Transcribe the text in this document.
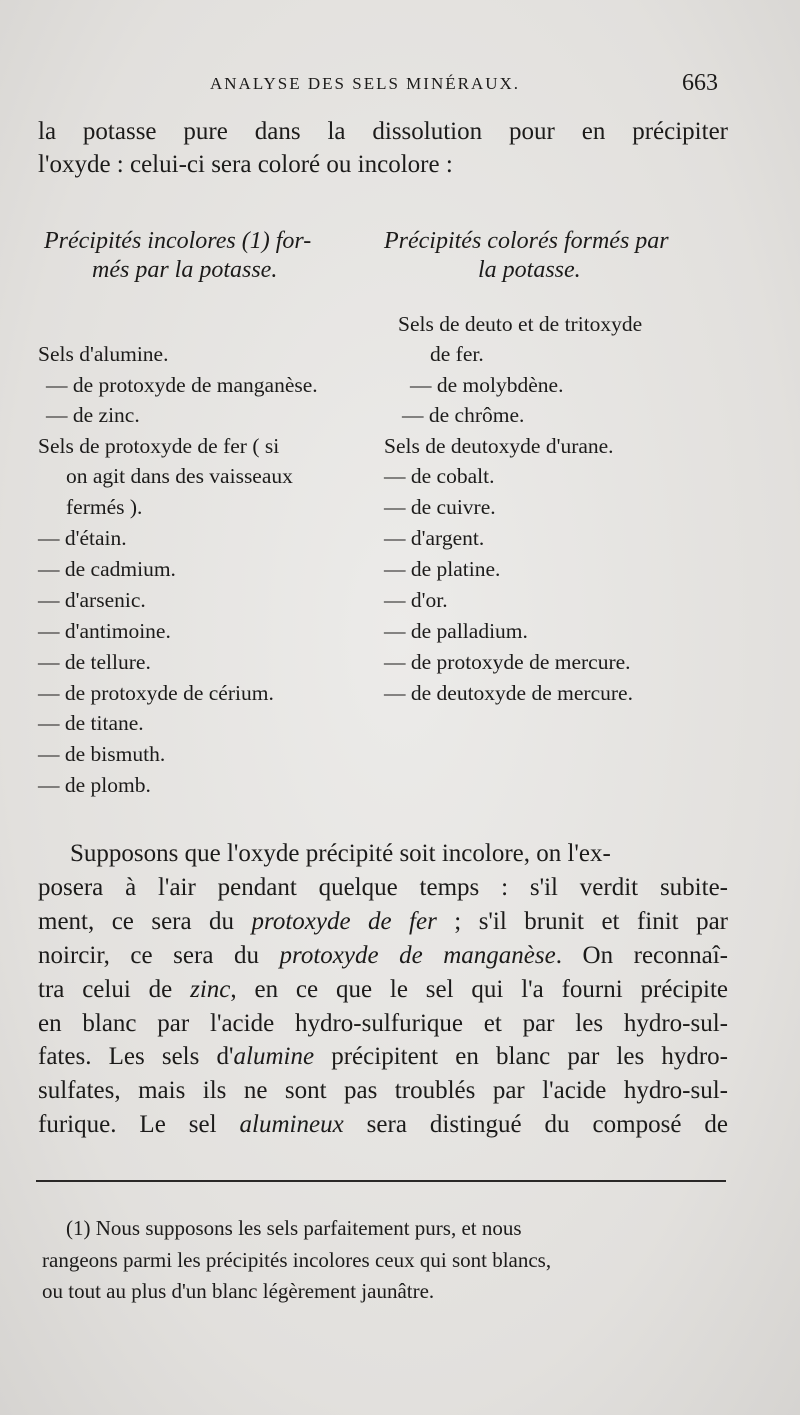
ANALYSE DES SELS MINÉRAUX.	663
la potasse pure dans la dissolution pour en précipiter
l'oxyde : celui-ci sera coloré ou incolore :
Précipités incolores (1) for-
més par la potasse.
Précipités colorés formés par
la potasse.
Sels d'alumine.
— de protoxyde de manganèse.
— de zinc.
Sels de protoxyde de fer ( si
on agit dans des vaisseaux
fermés ).
— d'étain.
— de cadmium.
— d'arsenic.
— d'antimoine.
— de tellure.
— de protoxyde de cérium.
— de titane.
— de bismuth.
— de plomb.
Sels de deuto et de tritoxyde
de fer.
— de molybdène.
— de chrôme.
Sels de deutoxyde d'urane.
— de cobalt.
— de cuivre.
— d'argent.
— de platine.
— d'or.
— de palladium.
— de protoxyde de mercure.
— de deutoxyde de mercure.
Supposons que l'oxyde précipité soit incolore, on l'ex-
posera à l'air pendant quelque temps : s'il verdit subite-
ment, ce sera du protoxyde de fer ; s'il brunit et finit par
noircir, ce sera du protoxyde de manganèse. On reconnaî-
tra celui de zinc, en ce que le sel qui l'a fourni précipite
en blanc par l'acide hydro-sulfurique et par les hydro-sul-
fates. Les sels d'alumine précipitent en blanc par les hydro-
sulfates, mais ils ne sont pas troublés par l'acide hydro-sul-
furique. Le sel alumineux sera distingué du composé de
(1) Nous supposons les sels parfaitement purs, et nous
rangeons parmi les précipités incolores ceux qui sont blancs,
ou tout au plus d'un blanc légèrement jaunâtre.
